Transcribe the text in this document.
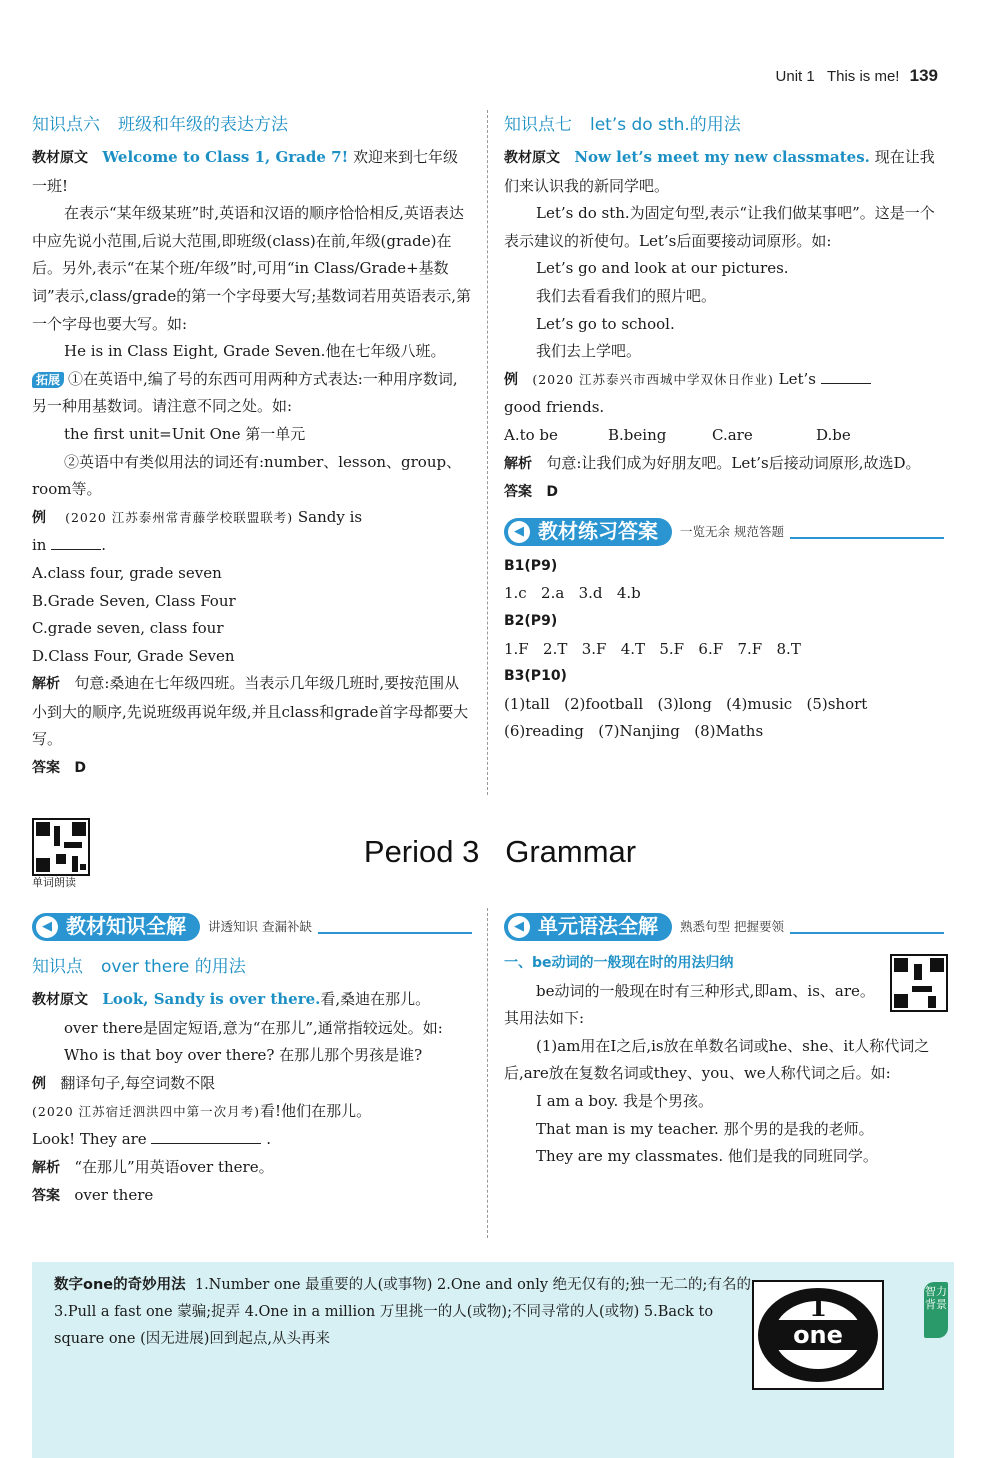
Unit 1 This is me! 139
知识点六 班级和年级的表达方法

教材原文 Welcome to Class 1, Grade 7! 欢迎来到七年级一班!

在表示“某年级某班”时,英语和汉语的顺序恰恰相反,英语表达中应先说小范围,后说大范围,即班级(class)在前,年级(grade)在后。另外,表示“在某个班/年级”时,可用“in Class/Grade+基数词”表示,class/grade的第一个字母要大写;基数词若用英语表示,第一个字母也要大写。如:

He is in Class Eight, Grade Seven.他在七年级八班。

拓展 ①在英语中,编了号的东西可用两种方式表达:一种用序数词,另一种用基数词。请注意不同之处。如:

the first unit=Unit One 第一单元

②英语中有类似用法的词还有:number、lesson、group、room等。

例 (2020 江苏泰州常青藤学校联盟联考) Sandy is

in	.

A.class four, grade seven

B.Grade Seven, Class Four

C.grade seven, class four

D.Class Four, Grade Seven

解析 句意:桑迪在七年级四班。当表示几年级几班时,要按范围从小到大的顺序,先说班级再说年级,并且class和grade首字母都要大写。

答案 D

知识点七 let’s do sth.的用法

教材原文 Now let’s meet my new classmates. 现在让我们来认识我的新同学吧。

Let’s do sth.为固定句型,表示“让我们做某事吧”。这是一个表示建议的祈使句。Let’s后面要接动词原形。如:

Let’s go and look at our pictures.

我们去看看我们的照片吧。

Let’s go to school.

我们去上学吧。

例 (2020 江苏泰兴市西城中学双休日作业) Let’s

good friends.

A.to be	B.being	C.are	D.be

解析 句意:让我们成为好朋友吧。Let’s后接动词原形,故选D。

答案 D

◀ 教材练习答案 一览无余 规范答题

B1(P9)

1.c 2.a 3.d 4.b

B2(P9)

1.F 2.T 3.F 4.T 5.F 6.F 7.F 8.T

B3(P10)

(1)tall (2)football (3)long (4)music (5)short

(6)reading (7)Nanjing (8)Maths

单词朗读
Period 3 Grammar
◀ 教材知识全解 讲透知识 查漏补缺
知识点 over there 的用法

教材原文 Look, Sandy is over there.看,桑迪在那儿。

over there是固定短语,意为“在那儿”,通常指较远处。如:

Who is that boy over there? 在那儿那个男孩是谁?

例 翻译句子,每空词数不限

(2020 江苏宿迁泗洪四中第一次月考)看!他们在那儿。

Look! They are	.

解析 “在那儿”用英语over there。

答案 over there

◀ 单元语法全解 熟悉句型 把握要领

一、be动词的一般现在时的用法归纳

be动词的一般现在时有三种形式,即am、is、are。其用法如下:

(1)am用在I之后,is放在单数名词或he、she、it人称代词之后,are放在复数名词或they、you、we人称代词之后。如:

I am a boy. 我是个男孩。

That man is my teacher. 那个男的是我的老师。

They are my classmates. 他们是我的同班同学。

数字one的奇妙用法 1.Number one 最重要的人(或事物) 2.One and only 绝无仅有的;独一无二的;有名的 3.Pull a fast one 蒙骗;捉弄 4.One in a million 万里挑一的人(或物);不同寻常的人(或物) 5.Back to square one (因无进展)回到起点,从头再来	one
1
智力背景
